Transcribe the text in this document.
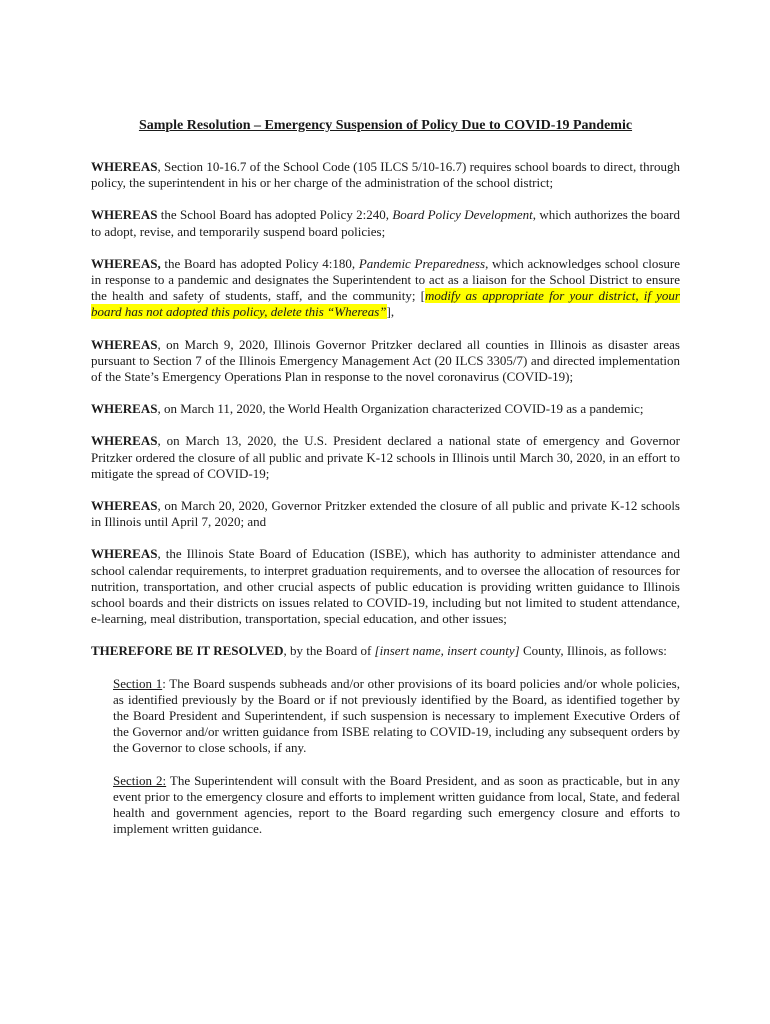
Sample Resolution – Emergency Suspension of Policy Due to COVID-19 Pandemic

WHEREAS, Section 10-16.7 of the School Code (105 ILCS 5/10-16.7) requires school boards to direct, through policy, the superintendent in his or her charge of the administration of the school district;

WHEREAS the School Board has adopted Policy 2:240, Board Policy Development, which authorizes the board to adopt, revise, and temporarily suspend board policies;

WHEREAS, the Board has adopted Policy 4:180, Pandemic Preparedness, which acknowledges school closure in response to a pandemic and designates the Superintendent to act as a liaison for the School District to ensure the health and safety of students, staff, and the community; [modify as appropriate for your district, if your board has not adopted this policy, delete this “Whereas”],

WHEREAS, on March 9, 2020, Illinois Governor Pritzker declared all counties in Illinois as disaster areas pursuant to Section 7 of the Illinois Emergency Management Act (20 ILCS 3305/7) and directed implementation of the State’s Emergency Operations Plan in response to the novel coronavirus (COVID-19);

WHEREAS, on March 11, 2020, the World Health Organization characterized COVID-19 as a pandemic;

WHEREAS, on March 13, 2020, the U.S. President declared a national state of emergency and Governor Pritzker ordered the closure of all public and private K-12 schools in Illinois until March 30, 2020, in an effort to mitigate the spread of COVID-19;

WHEREAS, on March 20, 2020, Governor Pritzker extended the closure of all public and private K-12 schools in Illinois until April 7, 2020; and

WHEREAS, the Illinois State Board of Education (ISBE), which has authority to administer attendance and school calendar requirements, to interpret graduation requirements, and to oversee the allocation of resources for nutrition, transportation, and other crucial aspects of public education is providing written guidance to Illinois school boards and their districts on issues related to COVID-19, including but not limited to student attendance, e-learning, meal distribution, transportation, special education, and other issues;

THEREFORE BE IT RESOLVED, by the Board of [insert name, insert county] County, Illinois, as follows:

Section 1: The Board suspends subheads and/or other provisions of its board policies and/or whole policies, as identified previously by the Board or if not previously identified by the Board, as identified together by the Board President and Superintendent, if such suspension is necessary to implement Executive Orders of the Governor and/or written guidance from ISBE relating to COVID-19, including any subsequent orders by the Governor to close schools, if any.

Section 2: The Superintendent will consult with the Board President, and as soon as practicable, but in any event prior to the emergency closure and efforts to implement written guidance from local, State, and federal health and government agencies, report to the Board regarding such emergency closure and efforts to implement written guidance.
